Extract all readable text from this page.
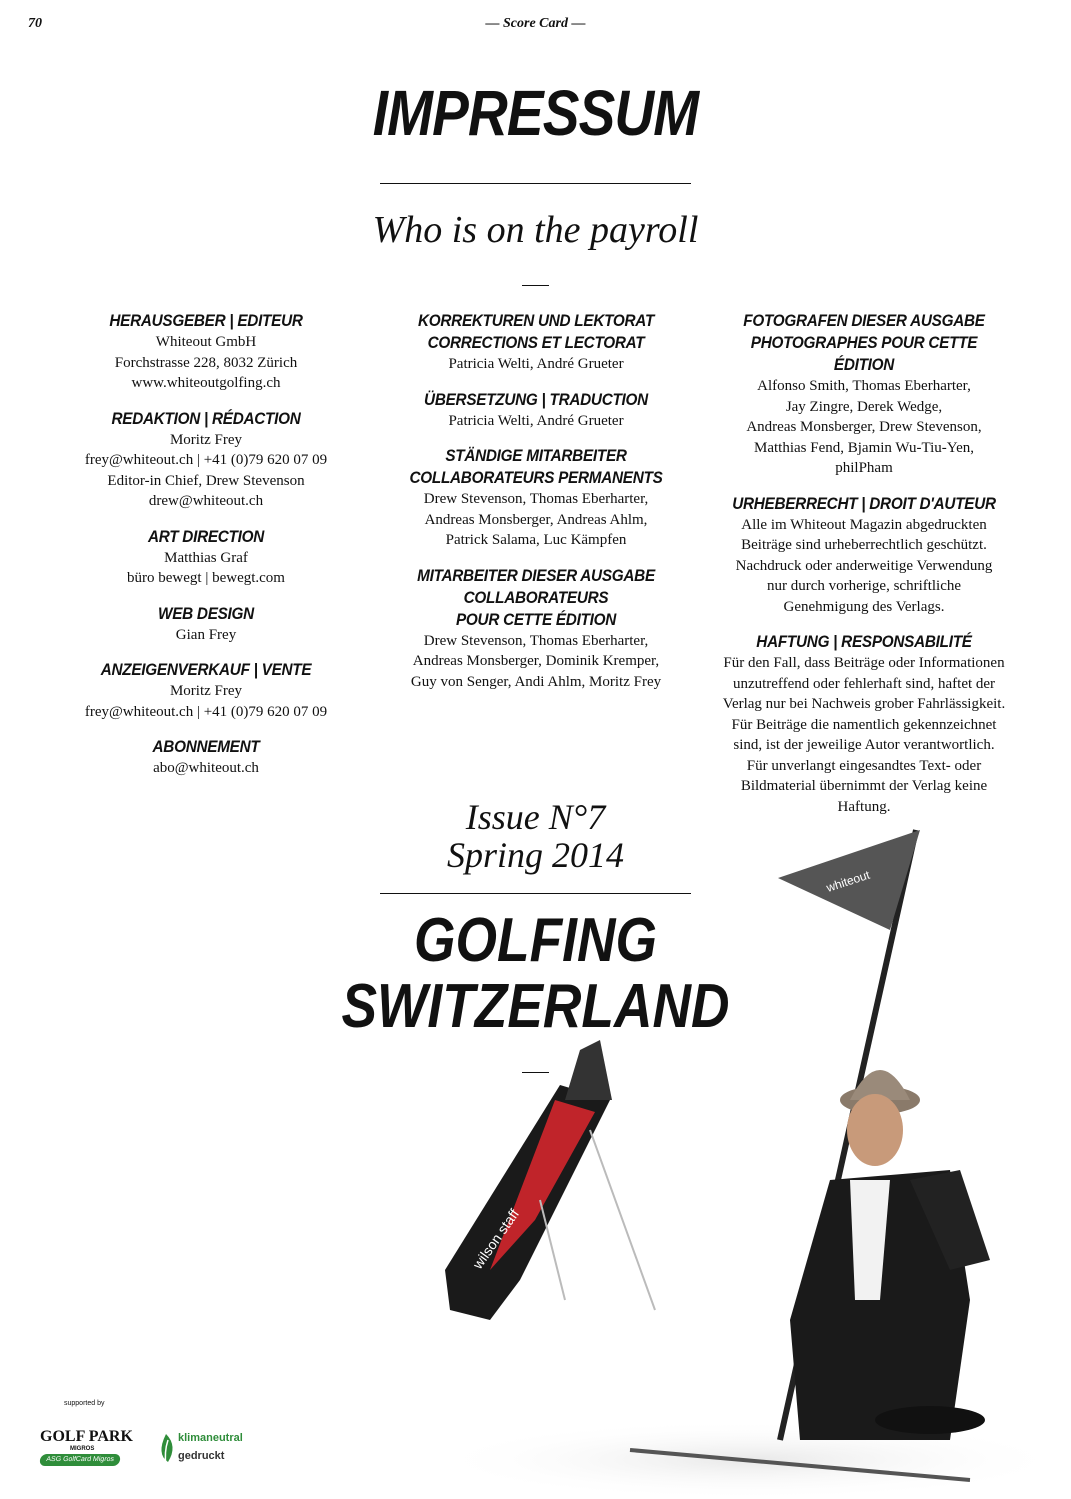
70	— Score Card —
IMPRESSUM
Who is on the payroll
HERAUSGEBER | EDITEUR
Whiteout GmbH
Forchstrasse 228, 8032 Zürich
www.whiteoutgolfing.ch
REDAKTION | RÉDACTION
Moritz Frey
frey@whiteout.ch | +41 (0)79 620 07 09
Editor-in Chief, Drew Stevenson
drew@whiteout.ch
ART DIRECTION
Matthias Graf
büro bewegt | bewegt.com
WEB DESIGN
Gian Frey
ANZEIGENVERKAUF | VENTE
Moritz Frey
frey@whiteout.ch | +41 (0)79 620 07 09
ABONNEMENT
abo@whiteout.ch
KORREKTUREN UND LEKTORAT
CORRECTIONS ET LECTORAT
Patricia Welti, André Grueter
ÜBERSETZUNG | TRADUCTION
Patricia Welti, André Grueter
STÄNDIGE MITARBEITER
COLLABORATEURS PERMANENTS
Drew Stevenson, Thomas Eberharter,
Andreas Monsberger, Andreas Ahlm,
Patrick Salama, Luc Kämpfen
MITARBEITER DIESER AUSGABE
COLLABORATEURS
POUR CETTE ÉDITION
Drew Stevenson, Thomas Eberharter,
Andreas Monsberger, Dominik Kremper,
Guy von Senger, Andi Ahlm, Moritz Frey
FOTOGRAFEN DIESER AUSGABE
PHOTOGRAPHES POUR CETTE ÉDITION
Alfonso Smith, Thomas Eberharter,
Jay Zingre, Derek Wedge,
Andreas Monsberger, Drew Stevenson,
Matthias Fend, Bjamin Wu-Tiu-Yen,
philPham
URHEBERRECHT | DROIT D'AUTEUR
Alle im Whiteout Magazin abgedruckten
Beiträge sind urheberrechtlich geschützt.
Nachdruck oder anderweitige Verwendung
nur durch vorherige, schriftliche
Genehmigung des Verlags.
HAFTUNG | RESPONSABILITÉ
Für den Fall, dass Beiträge oder Informationen
unzutreffend oder fehlerhaft sind, haftet der
Verlag nur bei Nachweis grober Fahrlässigkeit.
Für Beiträge die namentlich gekennzeichnet
sind, ist der jeweilige Autor verantwortlich.
Für unverlangt eingesandtes Text- oder
Bildmaterial übernimmt der Verlag keine
Haftung.
whiteout
wilson staff
Issue N°7
Spring 2014
GOLFING
SWITZERLAND
supported by
GOLF PARK
MIGROS
ASG GolfCard Migros
klimaneutral
gedruckt
